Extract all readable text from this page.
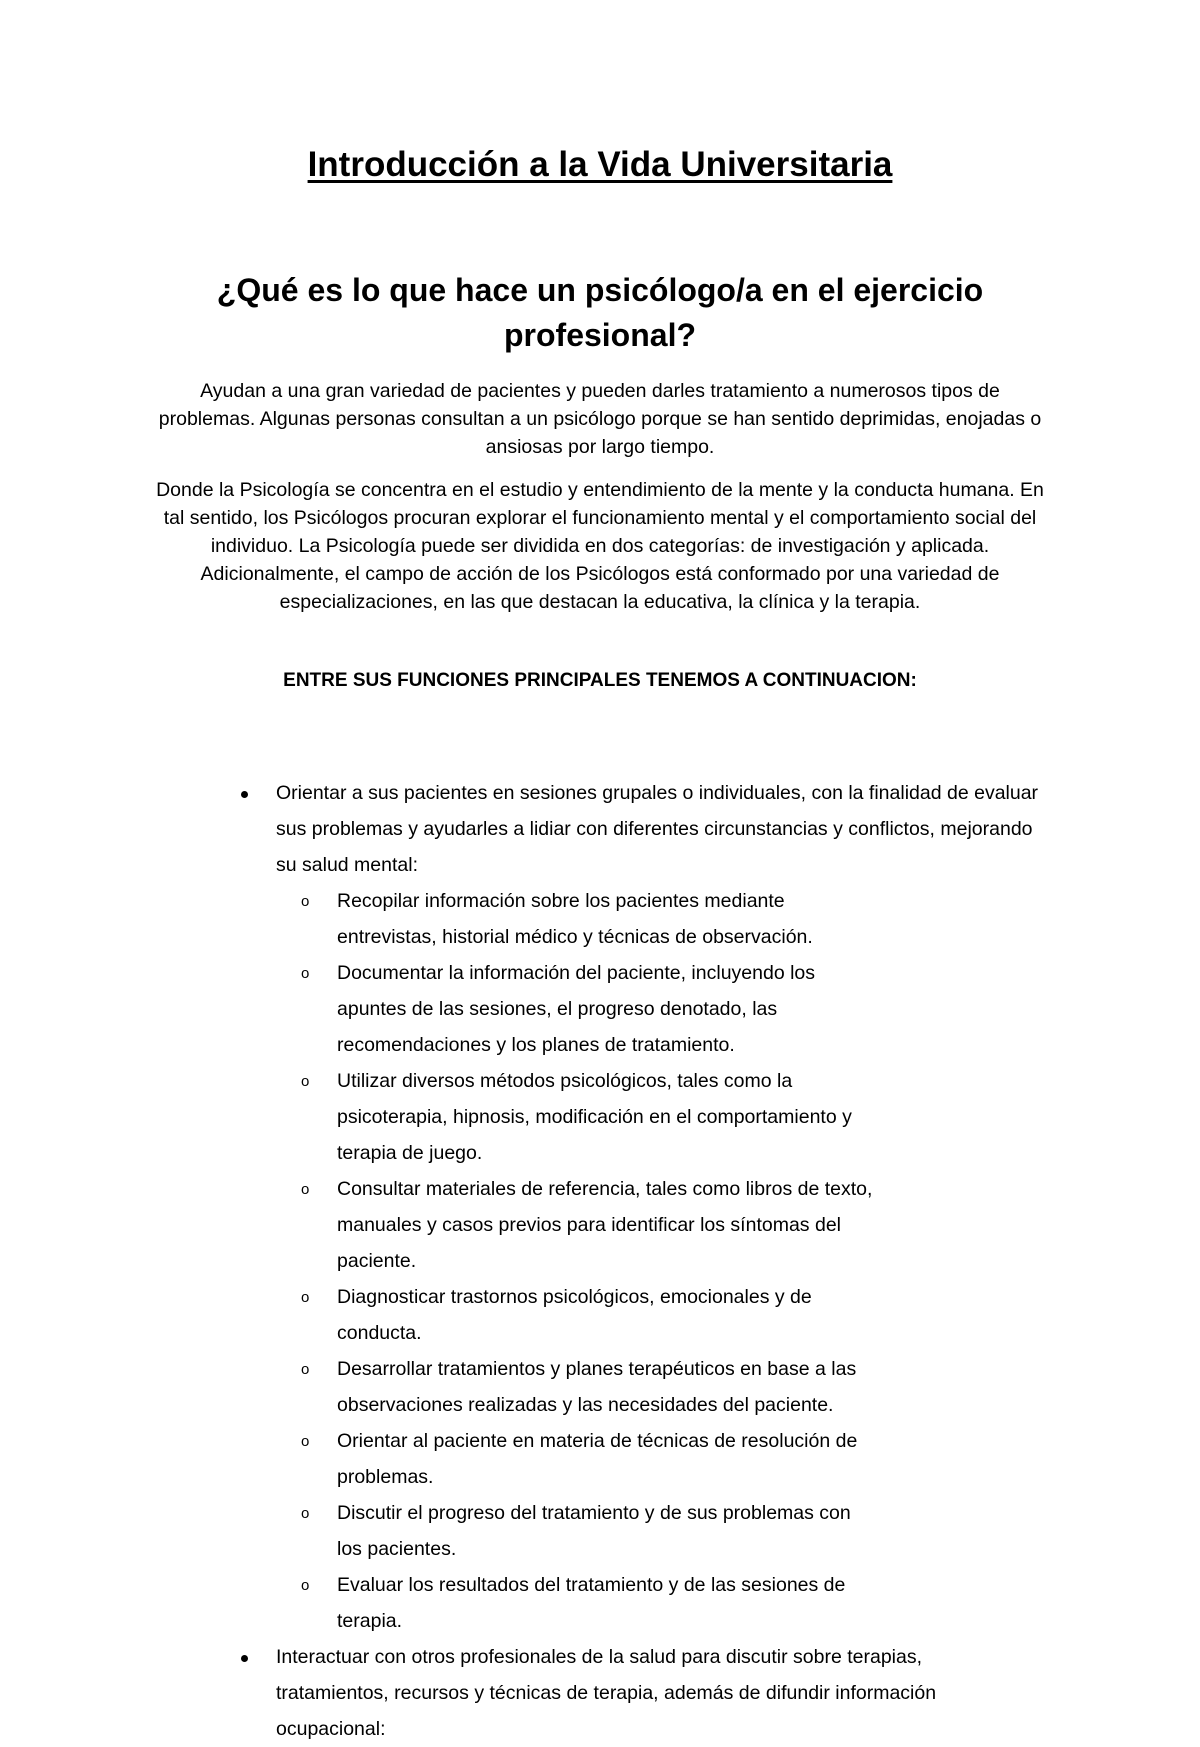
Introducción a la Vida Universitaria
¿Qué es lo que hace un psicólogo/a en el ejercicio profesional?

Ayudan a una gran variedad de pacientes y pueden darles tratamiento a numerosos tipos de problemas. Algunas personas consultan a un psicólogo porque se han sentido deprimidas, enojadas o ansiosas por largo tiempo.

Donde la Psicología se concentra en el estudio y entendimiento de la mente y la conducta humana. En tal sentido, los Psicólogos procuran explorar el funcionamiento mental y el comportamiento social del individuo. La Psicología puede ser dividida en dos categorías: de investigación y aplicada. Adicionalmente, el campo de acción de los Psicólogos está conformado por una variedad de especializaciones, en las que destacan la educativa, la clínica y la terapia.

ENTRE SUS FUNCIONES PRINCIPALES TENEMOS A CONTINUACION:
Orientar a sus pacientes en sesiones grupales o individuales, con la finalidad de evaluar sus problemas y ayudarles a lidiar con diferentes circunstancias y conflictos, mejorando su salud mental:
o Recopilar información sobre los pacientes mediante entrevistas, historial médico y técnicas de observación.
o Documentar la información del paciente, incluyendo los apuntes de las sesiones, el progreso denotado, las recomendaciones y los planes de tratamiento.
o Utilizar diversos métodos psicológicos, tales como la psicoterapia, hipnosis, modificación en el comportamiento y terapia de juego.
o Consultar materiales de referencia, tales como libros de texto, manuales y casos previos para identificar los síntomas del paciente.
o Diagnosticar trastornos psicológicos, emocionales y de conducta.
o Desarrollar tratamientos y planes terapéuticos en base a las observaciones realizadas y las necesidades del paciente.
o Orientar al paciente en materia de técnicas de resolución de problemas.
o Discutir el progreso del tratamiento y de sus problemas con los pacientes.
o Evaluar los resultados del tratamiento y de las sesiones de terapia.
Interactuar con otros profesionales de la salud para discutir sobre terapias, tratamientos, recursos y técnicas de terapia, además de difundir información ocupacional:
